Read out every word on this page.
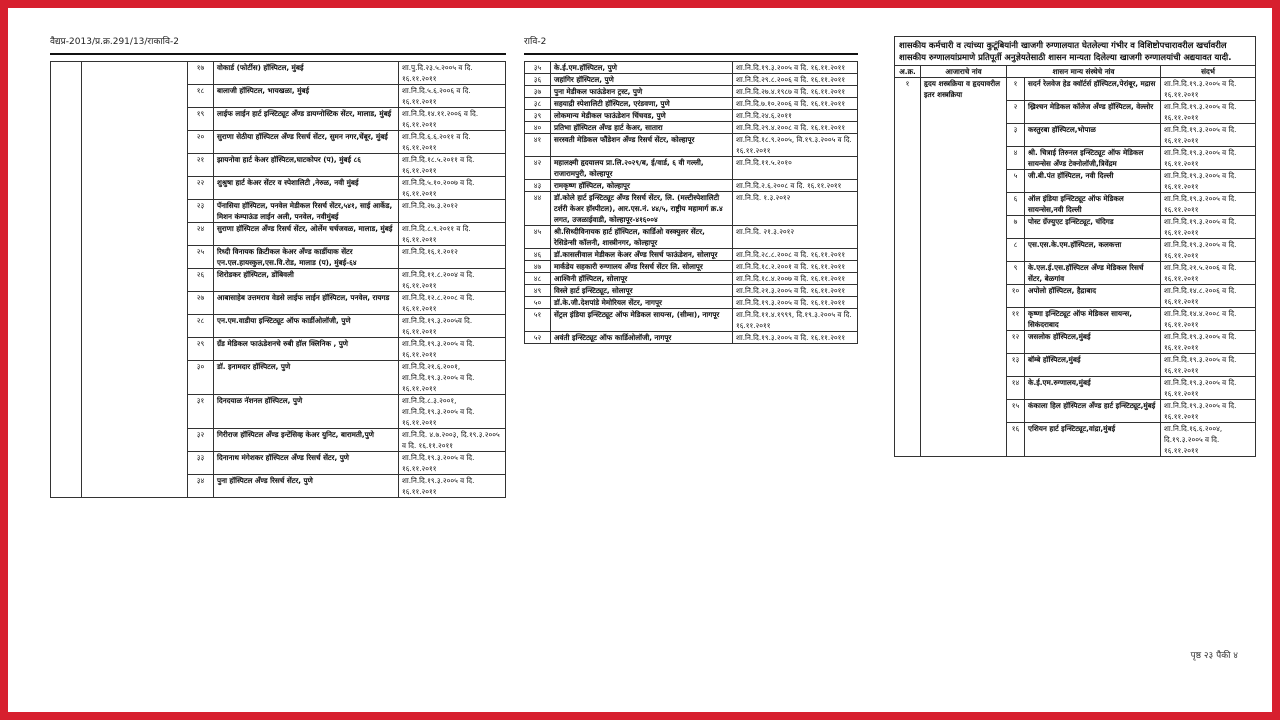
वैद्यप्र-2013/प्र.क्र.291/13/राकावि-2
१७	वोकार्ड (फोर्टीस) हॉस्पिटल, मुंबई	शा.पु.दि.२३.५.२००५ व दि. १६.११.२०११
१८	बालाजी हॉस्पिटल, भायखळा, मुंबई	शा.नि.दि.५.६.२००६ व दि. १६.११.२०११
१९	लाईफ लाईन हार्ट इन्स्टिट्यूट अँण्ड डायग्नोस्टिक सेंटर, मालाड, मुंबई	शा.नि.दि.१४.११.२००६ व दि. १६.११.२०११
२०	सुराणा सेठीया हॉस्पिटल अँण्ड रिसर्च सेंटर, सुमन नगर,चेंबूर, मुंबई	शा.नि.दि.६.६.२०११ व दि. १६.११.२०११
२१	झायनोवा हार्ट केअर हॉस्पिटल,घाटकोपर (प), मुंबई ८६	शा.नि.दि.१८.५.२०११ व दि. १६.११.२०११
२२	शुश्रुषा हार्ट केअर सेंटर व स्पेशालिटी ,नेरुळ, नवी मुंबई	शा.नि.दि.५.१०.२००७ व दि. १६.११.२०११
२३	पॅनासिया हॉस्पिटल, पनवेल मेडीकल रिसर्च सेंटर,५४१, साई आर्केड, मिशन कंम्पाऊंड लाईन अली, पनवेल, नवीमुंबई	शा.नि.दि.२७.३.२०१२
२४	सुराणा हॉस्पिटल अँण्ड रिसर्च सेंटर, ओर्लेम चर्चजवळ, मालाड, मुंबई	शा.नि.दि.८.९.२०११ व दि. १६.११.२०११
२५	रिध्दी विनायक क्रिटीकल केअर अँण्ड कार्डीयाक सेंटर एन.एल.हायस्कुल,एस.वि.रोड, मालाड (प), मुंबई-६४	शा.नि.दि.१६.१.२०१२
२६	शिरोडकर हॉस्पिटल, डोंबिवली	शा.नि.दि.११.८.२००४ व दि. १६.११.२०११
२७	आबासाहेब उत्तमराव वेडसे लाईफ लाईन हॉस्पिटल, पनवेल, रायगड	शा.नि.दि.१२.८.२००८ व दि. १६.११.२०११
२८	एन.एम.वाडीया इन्स्टिट्यूट ऑफ कार्डीओलॉजी, पुणे	शा.नि.दि.१९.३.२००५व दि. १६.११.२०११
२९	ग्रँड मेडिकल फाऊंडेशनचे रुबी हॉल क्लिनिक , पुणे	शा.नि.दि.१९.३.२००५ व दि. १६.११.२०११
३०	डॉ. इनामदार हॉस्पिटल, पुणे	शा.नि.दि.२१.६.२००१, शा.नि.दि.१९.३.२००५ व दि. १६.११.२०११
३१	दिनदयाळ नॅशनल हॉस्पिटल, पुणे	शा.नि.दि.८.३.२००१, शा.नि.दि.१९.३.२००५ व दि. १६.११.२०११
३२	गिरीराज हॉस्पिटल अँण्ड इन्टेंसिव्ह केअर युनिट, बारामती,पुणे	शा.नि.दि. ४.७.२००३, दि.१९.३.२००५ व दि. १६.११.२०११
३३	दिनानाथ मंगेशकर हॉस्पिटल अँण्ड रिसर्च सेंटर, पुणे	शा.नि.दि.१९.३.२००५ व दि. १६.११.२०११
३४	पुना हॉस्पिटल अँण्ड रिसर्च सेंटर, पुणे	शा.नि.दि.१९.३.२००५ व दि. १६.११.२०११
रावि-2
३५	के.ई.एम.हॉस्पिटल, पुणे	शा.नि.दि.१९.३.२००५ व दि. १६.११.२०११
३६	जहांगिर हॉस्पिटल, पुणे	शा.नि.दि.२९.८.२००६ व दि. १६.११.२०११
३७	पुना मेडीकल फाऊंडेशन ट्रस्ट, पुणे	शा.नि.दि.२७.४.१९८७ व दि. १६.११.२०११
३८	सहयाद्री स्पेशालिटी हॉस्पिटल, एरंडवणा, पुणे	शा.नि.दि.७.१०.२००६ व दि. १६.११.२०११
३९	लोकमान्य मेडीकल फाऊंडेशन चिंचवड, पुणे	शा.नि.दि.२४.६.२०११
४०	प्रतिभा हॉस्पिटल अँण्ड हार्ट केअर, सातारा	शा.नि.दि.२९.४.२००८ व दि. १६.११.२०११
४१	सरस्वती मेडिकल फौंडेशन अँण्ड रिसर्च सेंटर, कोल्हापूर	शा.नि.दि.१८.९.२००५, वि.१९.३.२००५ व दि. १६.११.२०११
४२	महालक्ष्मी हृदयालय प्रा.लि.२०२९/ब, ई/वार्ड, ६ वी गल्ली, राजारामपुरी, कोल्हापूर	शा.नि.दि.११.५.२०१०
४३	रामकृष्ण हॉस्पिटल, कोल्हापूर	शा.नि.दि.२.६.२००८ व दि. १६.११.२०११
४४	डॉ.कोले हार्ट इन्स्टिट्यूट अँण्ड रिसर्च सेंटर, लि. (मल्टीस्पेशालिटी टर्शरी केअर हॉस्पीटल), आर.एस.नं. ४४/५, राष्ट्रीय महामार्ग क्र.४ लगत, उजळाईवाडी, कोल्हापूर-४१६००४	शा.नि.दि. १.३.२०१२
४५	श्री.सिध्दीविनायक हार्ट हॉस्पिटल, कार्डिओ वस्क्युलर सेंटर, रेसिडेन्सी कॉलनी, शास्त्रीनगर, कोल्हापूर	शा.नि.दि. २१.३.२०१२
४६	डॉ.कासलीवाल मेडीकल केअर अँण्ड रिसर्च फाऊंडेशन, सोलापूर	शा.नि.दि.२८.८.२००८ व दि. १६.११.२०११
४७	मार्कंडेय सहकारी रुग्णालय अँण्ड रिसर्च सेंटर लि. सोलापूर	शा.नि.दि.१८.२.२००१ व दि. १६.११.२०११
४८	आश्विनी हॉस्पिटल, सोलापूर	शा.नि.दि.१८.४.२००७ व दि. १६.११.२०११
४९	विस्ले हार्ट इन्स्टिट्यूट, सोलापूर	शा.नि.दि.२१.३.२००५ व दि. १६.११.२०११
५०	डॉ.के.जी.देशपांडे मेमोरियल सेंटर, नागपूर	शा.नि.दि.१९.३.२००५ व दि. १६.११.२०११
५१	सेंट्रल इंडिया इन्स्टिट्यूट ऑफ मेडिकल सायन्स, (सीम्स), नागपूर	शा.नि.दि.११.४.१९९९, दि.१९.३.२००५ व दि. १६.११.२०११
५२	अवंती इन्स्टिट्यूट ऑफ कार्डिओलॉजी, नागपूर	शा.नि.दि.१९.३.२००५ व दि. १६.११.२०११
शासकीय कर्मचारी व त्यांच्या कुटूंबियांनी खाजगी रुग्णालयात घेतलेल्या गंभीर व विशिष्टोपचारावरील खर्चावरील शासकीय रुग्णालयांप्रमाणे प्रतिपूर्ती अनुज्ञेयतेसाठी शासन मान्यता दिलेल्या खाजगी रुग्णालयांची अद्ययावत यादी.
अ.क्र.	आजाराचे नांव	शासन मान्य संस्थेचे नांव		संदर्भ
१	हृदय शस्त्रक्रिया व हृदयावरील इतर शस्त्रक्रिया	१	सदर्न रेलवेज हेड क्वॉर्टर्स हॉस्पिटल,पेरांबूर, मद्रास	शा.नि.दि.१९.३.२००५ व दि. १६.११.२०११
		२	ख्रिश्चन मेडिकल कॉलेज अँण्ड हॉस्पिटल, वेल्लोर	शा.नि.दि.१९.३.२००५ व दि. १६.११.२०११
		३	कस्तुरबा हॉस्पिटल,भोपाळ	शा.नि.दि.१९.३.२००५ व दि. १६.११.२०११
		४	श्री. चित्राई तिरुनल इन्स्टिट्यूट ऑफ मेडिकल सायन्सेस अँण्ड टेक्नोलॉजी,त्रिवेंद्रम	शा.नि.दि.१९.३.२००५ व दि. १६.११.२०११
		५	जी.बी.पंत हॉस्पिटल, नवी दिल्ली	शा.नि.दि.१९.३.२००५ व दि. १६.११.२०११
		६	ऑल इंडिया इन्स्टिट्यूट ऑफ मेडिकल सायन्सेस,नवी दिल्ली	शा.नि.दि.१९.३.२००५ व दि. १६.११.२०११
		७	पोस्ट ग्रॅज्युएट इन्स्टिट्यूट, चंदिगड	शा.नि.दि.१९.३.२००५ व दि. १६.११.२०११
		८	एस.एस.के.एम.हॉस्पिटल, कलकत्ता	शा.नि.दि.१९.३.२००५ व दि. १६.११.२०११
		९	के.एल.ई.एस.हॉस्पिटल अँण्ड मेडिकल रिसर्च सेंटर, बेळगांव	शा.नि.दि.२१.५.२००६ व दि. १६.११.२०११
		१०	अपोलो हॉस्पिटल, हैद्राबाद	शा.नि.दि.१४.८.२००६ व दि. १६.११.२०११
		११	कृष्णा इन्स्टिट्यूट ऑफ मेडिकल सायन्स, सिकंदराबाद	शा.नि.दि.१४.४.२००८ व दि. १६.११.२०११
		१२	जसलोक हॉस्पिटल,मुंबई	शा.नि.दि.१९.३.२००५ व दि. १६.११.२०११
		१३	बॉम्बे हॉस्पिटल,मुंबई	शा.नि.दि.१९.३.२००५ व दि. १६.११.२०११
		१४	के.ई.एम.रुग्णालय,मुंबई	शा.नि.दि.१९.३.२००५ व दि. १६.११.२०११
		१५	कंकाला हिल हॉस्पिटल अँण्ड हार्ट इन्स्टिट्यूट,मुंबई	शा.नि.दि.१९.३.२००५ व दि. १६.११.२०११
		१६	एशियन हार्ट इन्स्टिट्यूट,वांद्रा,मुंबई	शा.नि.दि.१६.६.२००४, दि.१९.३.२००५ व दि. १६.११.२०११
पृष्ठ २३ पैकी ४
